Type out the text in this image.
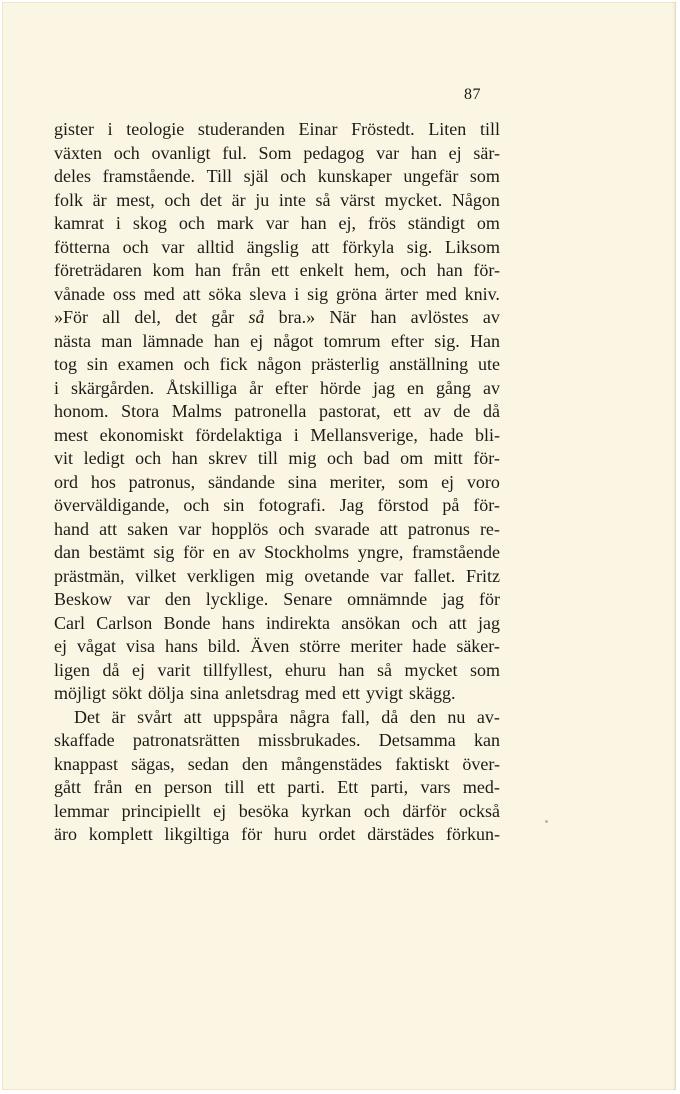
87
gister i teologie studeranden Einar Fröstedt. Liten till
växten och ovanligt ful. Som pedagog var han ej sär-
deles framstående. Till själ och kunskaper ungefär som
folk är mest, och det är ju inte så värst mycket. Någon
kamrat i skog och mark var han ej, frös ständigt om
fötterna och var alltid ängslig att förkyla sig. Liksom
företrädaren kom han från ett enkelt hem, och han för-
vånade oss med att söka sleva i sig gröna ärter med kniv.
»För all del, det går så bra.» När han avlöstes av
nästa man lämnade han ej något tomrum efter sig. Han
tog sin examen och fick någon prästerlig anställning ute
i skärgården. Åtskilliga år efter hörde jag en gång av
honom. Stora Malms patronella pastorat, ett av de då
mest ekonomiskt fördelaktiga i Mellansverige, hade bli-
vit ledigt och han skrev till mig och bad om mitt för-
ord hos patronus, sändande sina meriter, som ej voro
överväldigande, och sin fotografi. Jag förstod på för-
hand att saken var hopplös och svarade att patronus re-
dan bestämt sig för en av Stockholms yngre, framstående
prästmän, vilket verkligen mig ovetande var fallet. Fritz
Beskow var den lycklige. Senare omnämnde jag för
Carl Carlson Bonde hans indirekta ansökan och att jag
ej vågat visa hans bild. Även större meriter hade säker-
ligen då ej varit tillfyllest, ehuru han så mycket som
möjligt sökt dölja sina anletsdrag med ett yvigt skägg.
Det är svårt att uppspåra några fall, då den nu av-
skaffade patronatsrätten missbrukades. Detsamma kan
knappast sägas, sedan den mångenstädes faktiskt över-
gått från en person till ett parti. Ett parti, vars med-
lemmar principiellt ej besöka kyrkan och därför också
äro komplett likgiltiga för huru ordet därstädes förkun-
